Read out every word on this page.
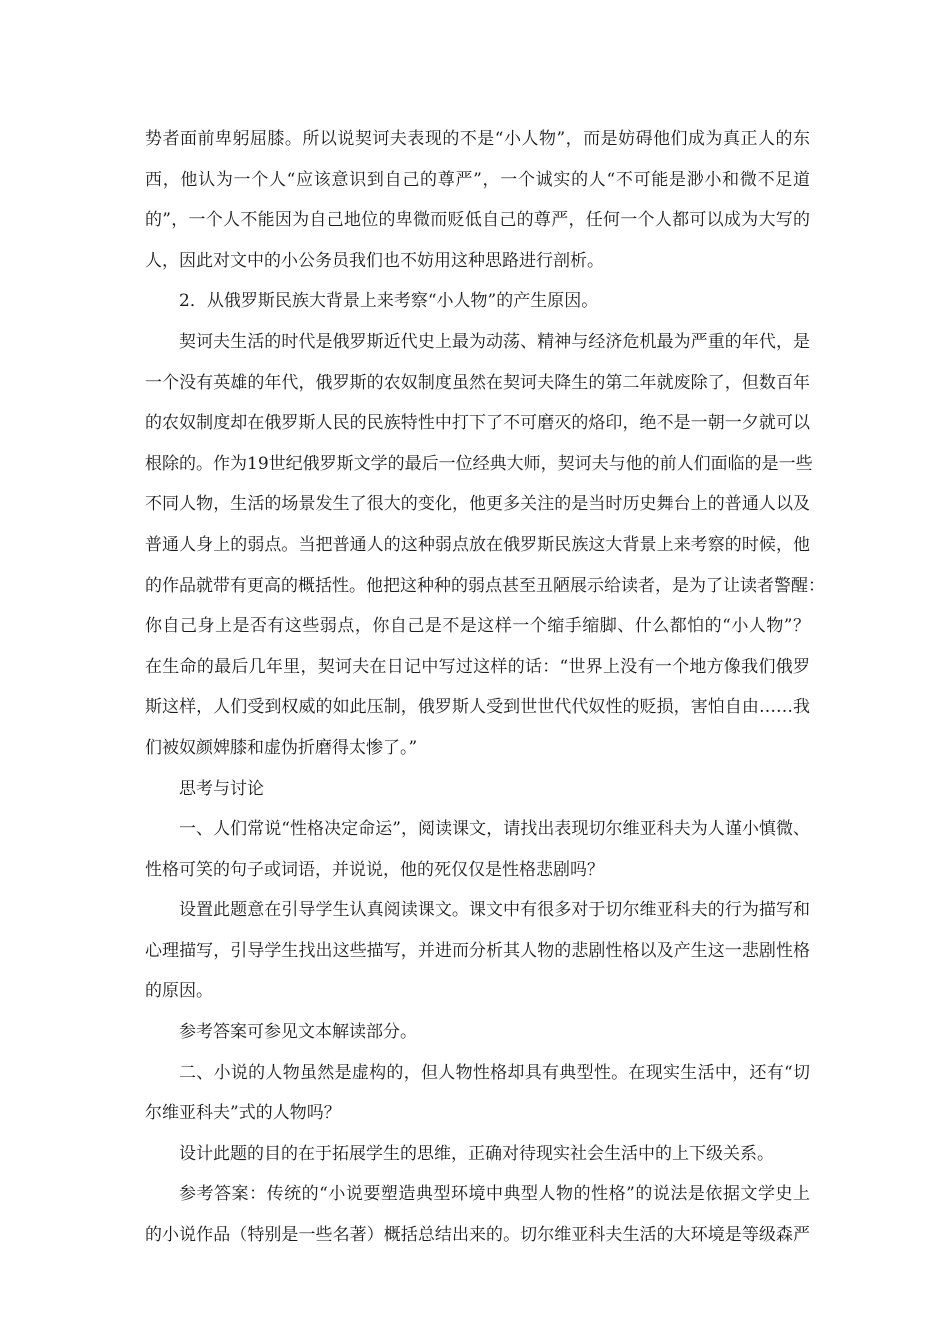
势者面前卑躬屈膝。所以说契诃夫表现的不是“小人物”，而是妨碍他们成为真正人的东
西，他认为一个人“应该意识到自己的尊严”，一个诚实的人“不可能是渺小和微不足道
的”，一个人不能因为自己地位的卑微而贬低自己的尊严，任何一个人都可以成为大写的
人，因此对文中的小公务员我们也不妨用这种思路进行剖析。
2．从俄罗斯民族大背景上来考察“小人物”的产生原因。
契诃夫生活的时代是俄罗斯近代史上最为动荡、精神与经济危机最为严重的年代，是
一个没有英雄的年代，俄罗斯的农奴制度虽然在契诃夫降生的第二年就废除了，但数百年
的农奴制度却在俄罗斯人民的民族特性中打下了不可磨灭的烙印，绝不是一朝一夕就可以
根除的。作为19世纪俄罗斯文学的最后一位经典大师，契诃夫与他的前人们面临的是一些
不同人物，生活的场景发生了很大的变化，他更多关注的是当时历史舞台上的普通人以及
普通人身上的弱点。当把普通人的这种弱点放在俄罗斯民族这大背景上来考察的时候，他
的作品就带有更高的概括性。他把这种种的弱点甚至丑陋展示给读者，是为了让读者警醒：
你自己身上是否有这些弱点，你自己是不是这样一个缩手缩脚、什么都怕的“小人物”？
在生命的最后几年里，契诃夫在日记中写过这样的话：“世界上没有一个地方像我们俄罗
斯这样，人们受到权威的如此压制，俄罗斯人受到世世代代奴性的贬损，害怕自由……我
们被奴颜婢膝和虚伪折磨得太惨了。”
思考与讨论
一、人们常说“性格决定命运”，阅读课文，请找出表现切尔维亚科夫为人谨小慎微、
性格可笑的句子或词语，并说说，他的死仅仅是性格悲剧吗？
设置此题意在引导学生认真阅读课文。课文中有很多对于切尔维亚科夫的行为描写和
心理描写，引导学生找出这些描写，并进而分析其人物的悲剧性格以及产生这一悲剧性格
的原因。
参考答案可参见文本解读部分。
二、小说的人物虽然是虚构的，但人物性格却具有典型性。在现实生活中，还有“切
尔维亚科夫”式的人物吗？
设计此题的目的在于拓展学生的思维，正确对待现实社会生活中的上下级关系。
参考答案：传统的“小说要塑造典型环境中典型人物的性格”的说法是依据文学史上
的小说作品（特别是一些名著）概括总结出来的。切尔维亚科夫生活的大环境是等级森严
